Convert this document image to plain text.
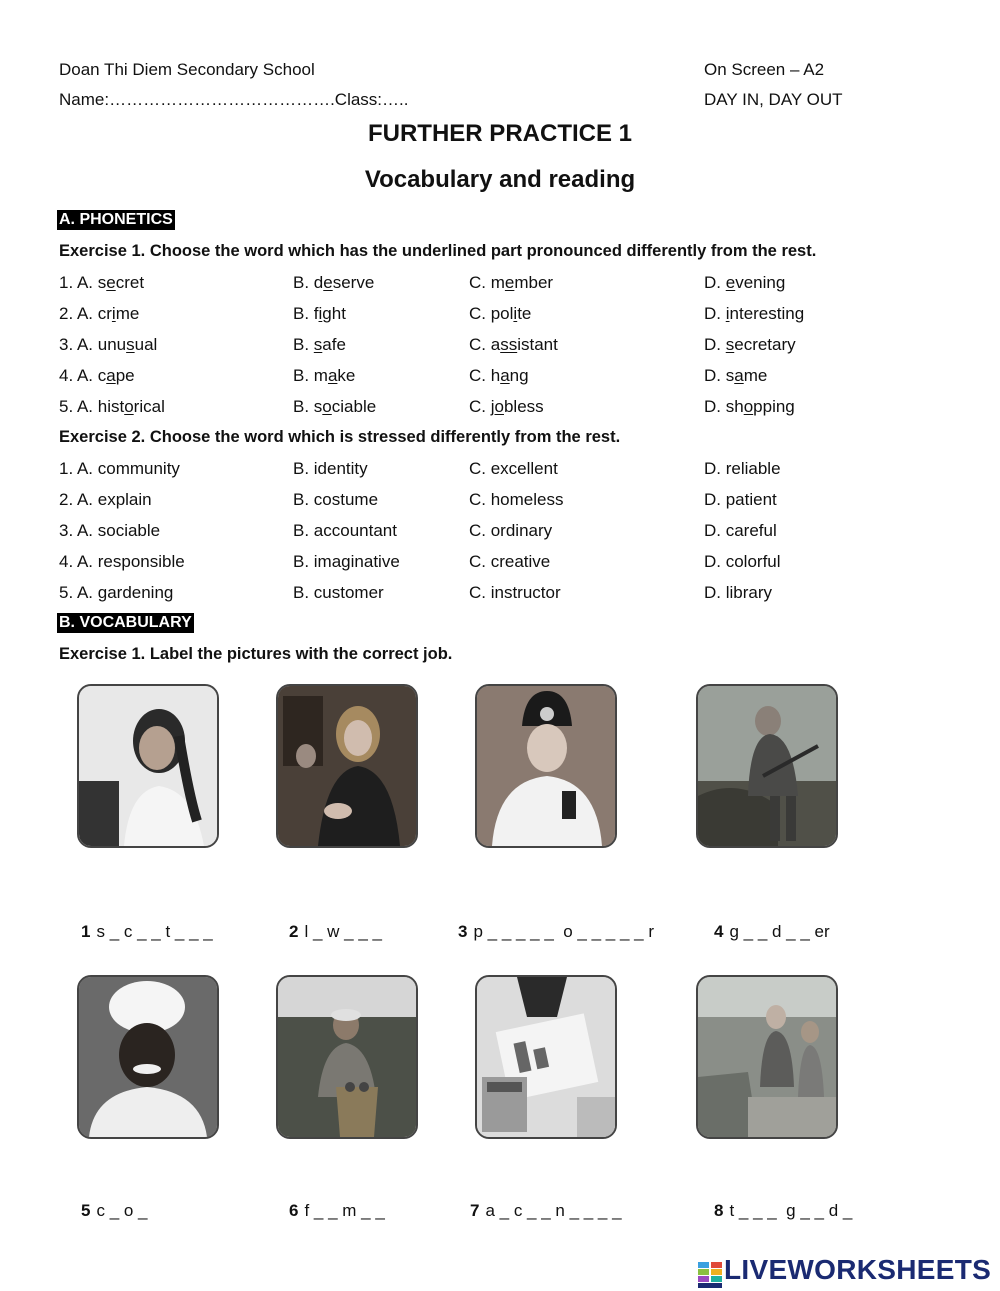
Doan Thi Diem Secondary School	On Screen – A2
Name:………………………………….Class:…..	DAY IN, DAY OUT
FURTHER PRACTICE 1
Vocabulary and reading
A. PHONETICS
Exercise 1. Choose the word which has the underlined part pronounced differently from the rest.
1. A. secret	B. deserve	C. member	D. evening
2. A. crime	B. fight	C. polite	D. interesting
3. A. unusual	B. safe	C. assistant	D. secretary
4. A. cape	B. make	C. hang	D. same
5. A. historical	B. sociable	C. jobless	D. shopping
Exercise 2. Choose the word which is stressed differently from the rest.
1. A. community	B. identity	C. excellent	D. reliable
2. A. explain	B. costume	C. homeless	D. patient
3. A. sociable	B. accountant	C. ordinary	D. careful
4. A. responsible	B. imaginative	C. creative	D. colorful
5. A. gardening	B. customer	C. instructor	D. library
B. VOCABULARY
Exercise 1. Label the pictures with the correct job.
1 s _ c _ _ t _ _ _	2 l _ w _ _ _	3 p _ _ _ _ _  o _ _ _ _ _ r	4 g _ _ d _ _ er
5 c _ o _	6 f _ _ m _ _	7 a _ c _ _ n _ _ _ _	8 t _ _ _  g _ _ d _
LIVEWORKSHEETS
